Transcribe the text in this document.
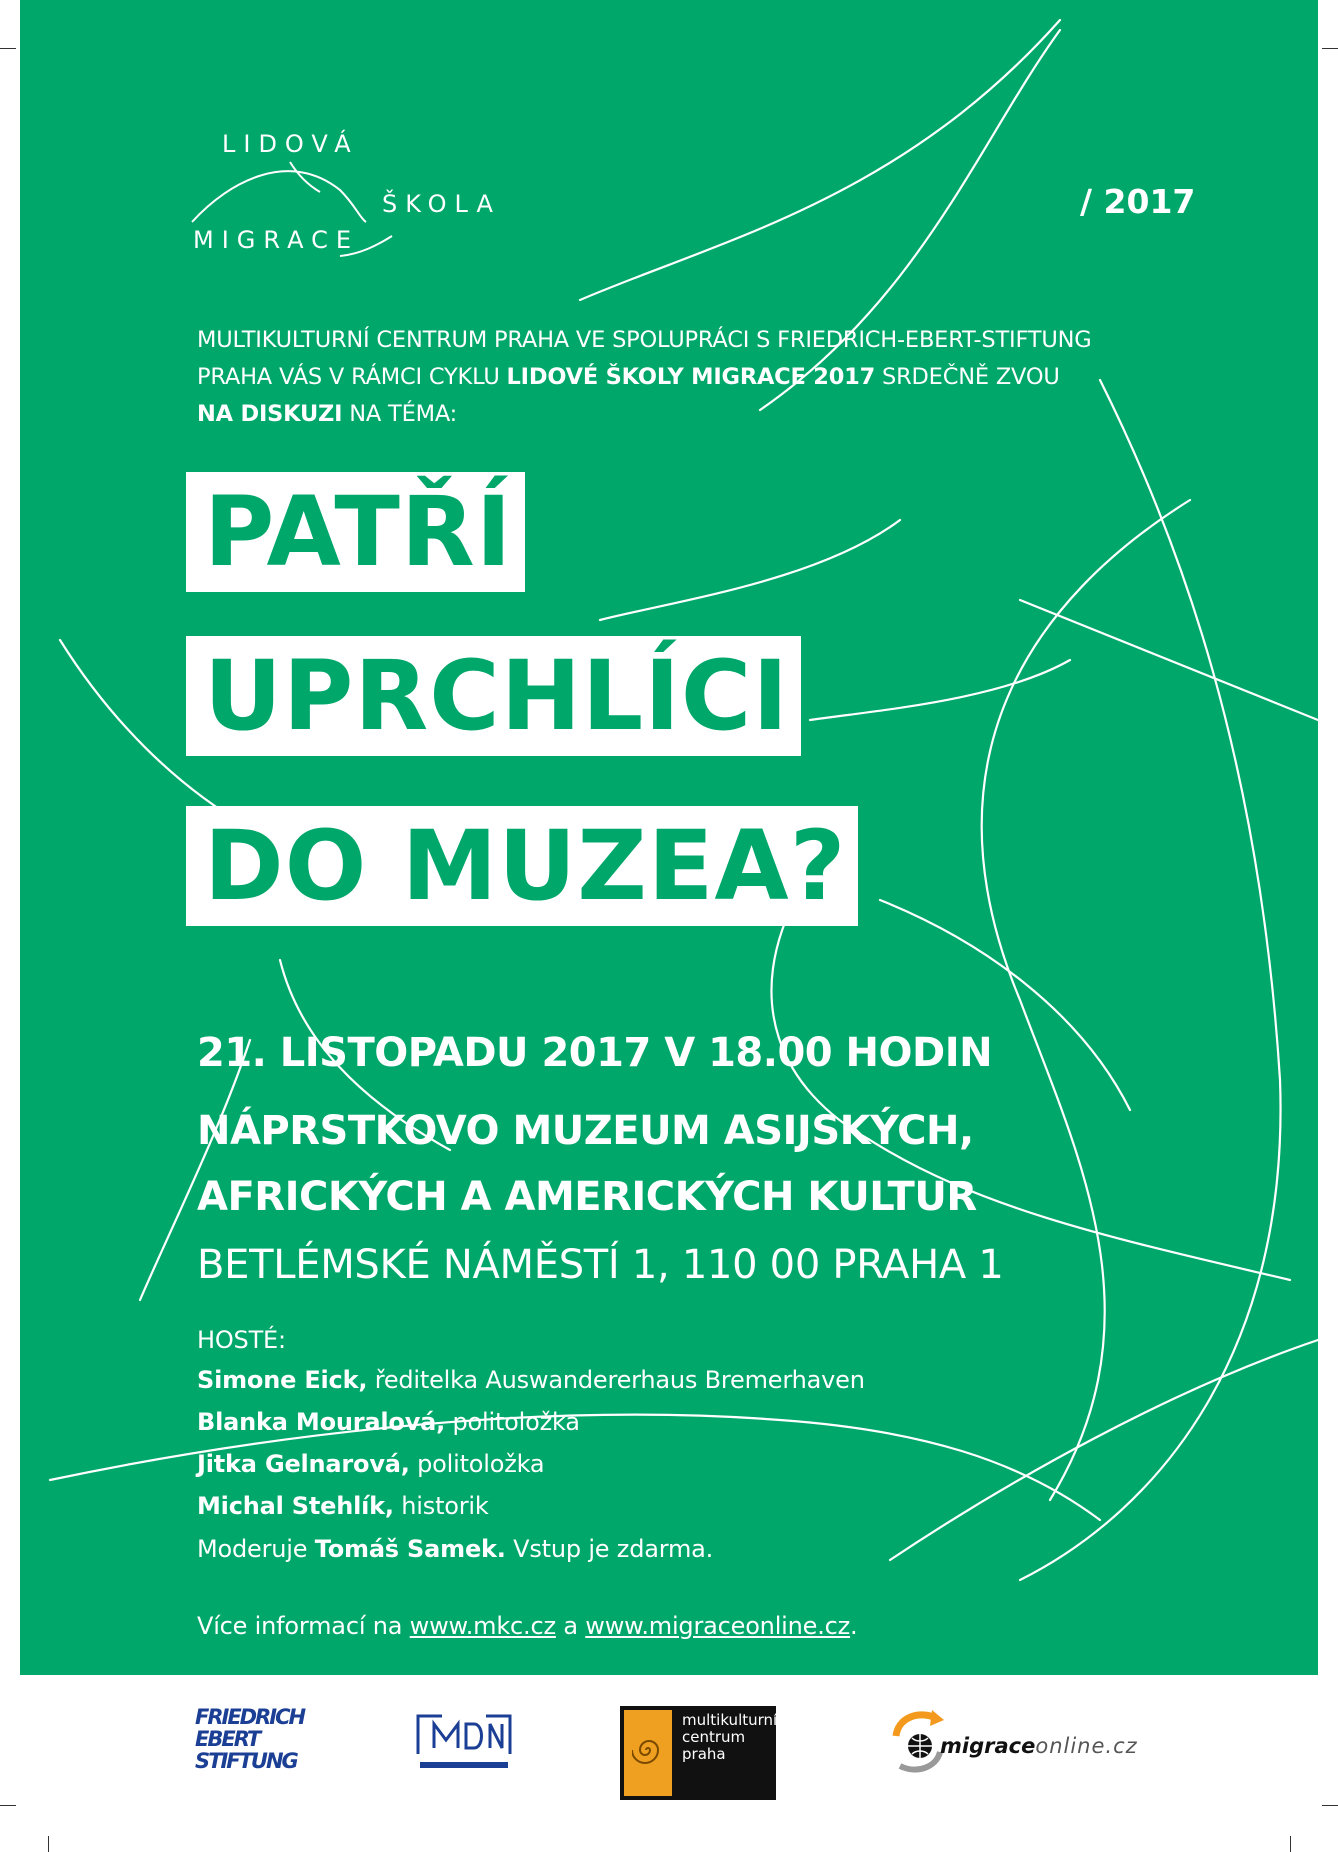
LIDOVÁ
ŠKOLA
MIGRACE
/ 2017
MULTIKULTURNÍ CENTRUM PRAHA VE SPOLUPRÁCI S FRIEDRICH-EBERT-STIFTUNG
PRAHA VÁS V RÁMCI CYKLU LIDOVÉ ŠKOLY MIGRACE 2017 SRDEČNĚ ZVOU
NA DISKUZI NA TÉMA:
PATŘÍ
UPRCHLÍCI
DO MUZEA?
21. LISTOPADU 2017 V 18.00 HODIN
NÁPRSTKOVO MUZEUM ASIJSKÝCH,
AFRICKÝCH A AMERICKÝCH KULTUR
BETLÉMSKÉ NÁMĚSTÍ 1, 110 00 PRAHA 1
HOSTÉ:
Simone Eick, ředitelka Auswandererhaus Bremerhaven
Blanka Mouralová, politoložka
Jitka Gelnarová, politoložka
Michal Stehlík, historik
Moderuje Tomáš Samek. Vstup je zdarma.
Více informací na www.mkc.cz a www.migraceonline.cz.
FRIEDRICH
EBERT
STIFTUNG
multikulturní
centrum
praha	migraceonline.cz
